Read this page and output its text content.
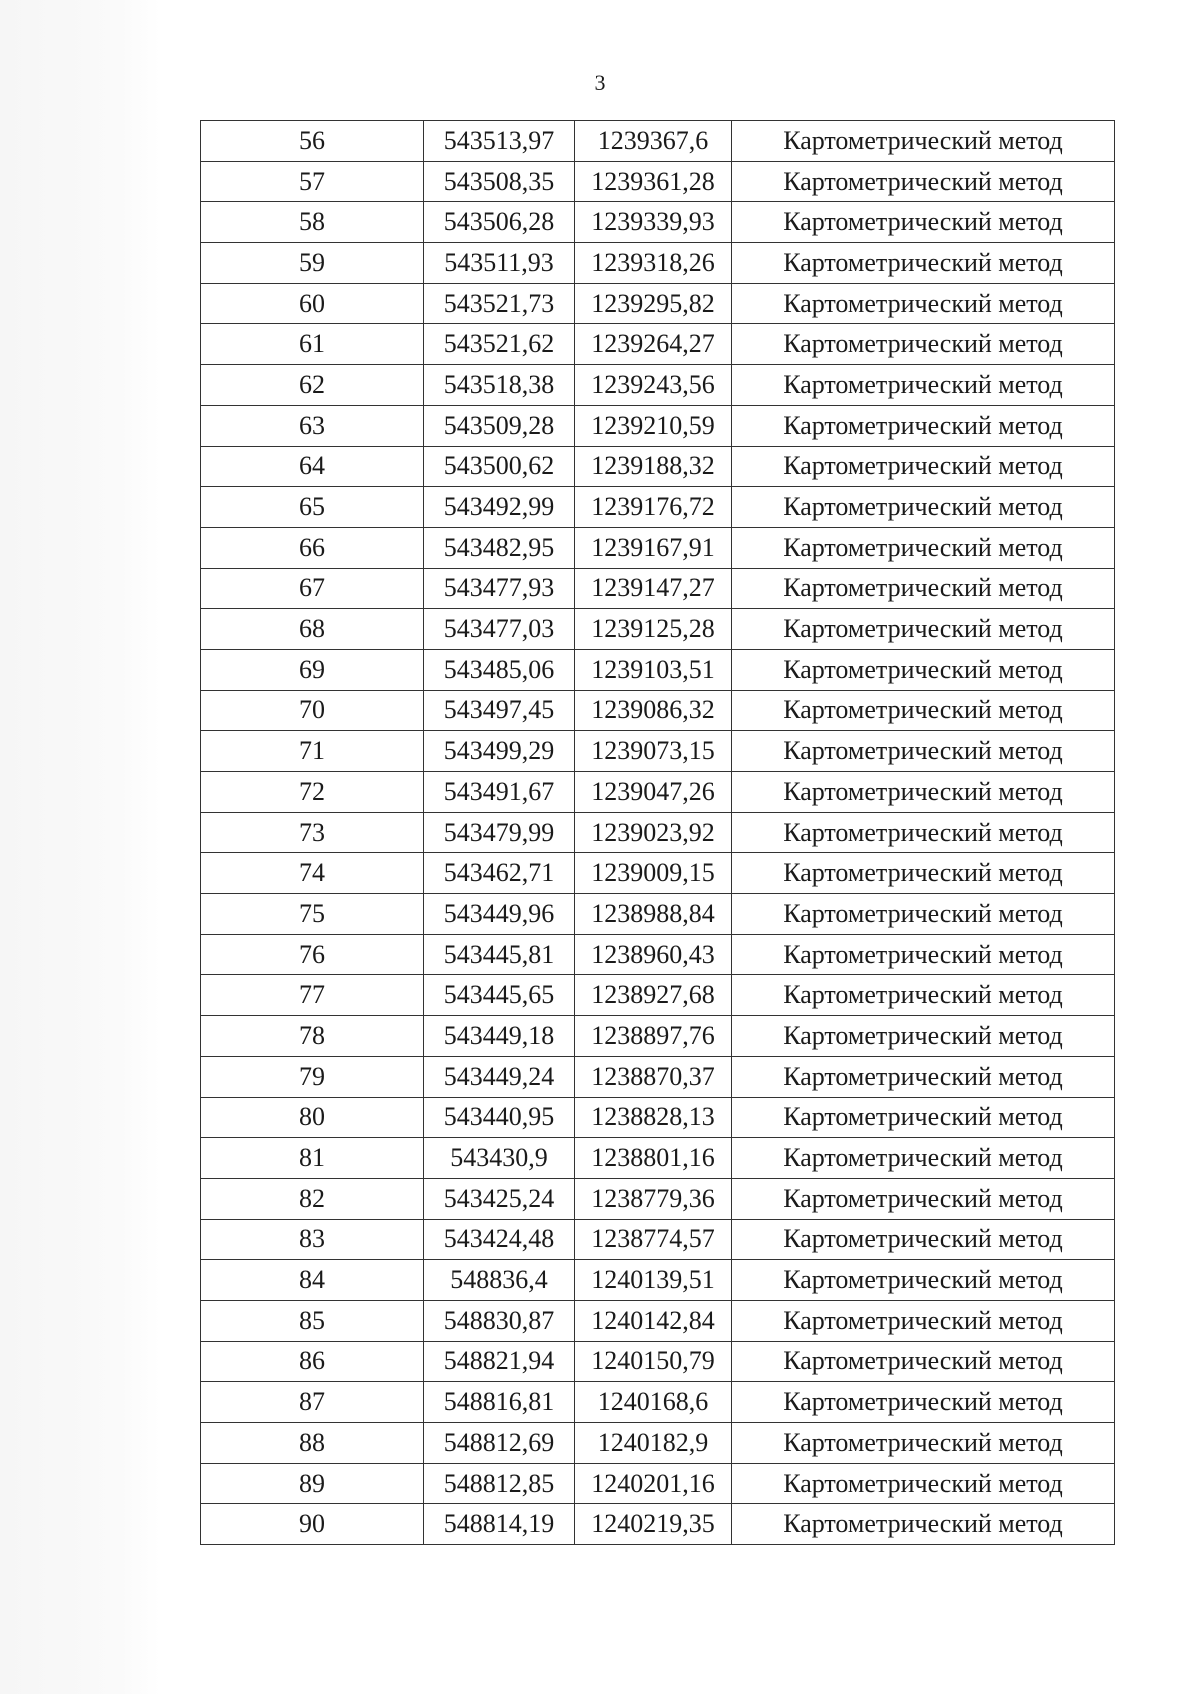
3
56	543513,97	1239367,6	Картометрический метод
57	543508,35	1239361,28	Картометрический метод
58	543506,28	1239339,93	Картометрический метод
59	543511,93	1239318,26	Картометрический метод
60	543521,73	1239295,82	Картометрический метод
61	543521,62	1239264,27	Картометрический метод
62	543518,38	1239243,56	Картометрический метод
63	543509,28	1239210,59	Картометрический метод
64	543500,62	1239188,32	Картометрический метод
65	543492,99	1239176,72	Картометрический метод
66	543482,95	1239167,91	Картометрический метод
67	543477,93	1239147,27	Картометрический метод
68	543477,03	1239125,28	Картометрический метод
69	543485,06	1239103,51	Картометрический метод
70	543497,45	1239086,32	Картометрический метод
71	543499,29	1239073,15	Картометрический метод
72	543491,67	1239047,26	Картометрический метод
73	543479,99	1239023,92	Картометрический метод
74	543462,71	1239009,15	Картометрический метод
75	543449,96	1238988,84	Картометрический метод
76	543445,81	1238960,43	Картометрический метод
77	543445,65	1238927,68	Картометрический метод
78	543449,18	1238897,76	Картометрический метод
79	543449,24	1238870,37	Картометрический метод
80	543440,95	1238828,13	Картометрический метод
81	543430,9	1238801,16	Картометрический метод
82	543425,24	1238779,36	Картометрический метод
83	543424,48	1238774,57	Картометрический метод
84	548836,4	1240139,51	Картометрический метод
85	548830,87	1240142,84	Картометрический метод
86	548821,94	1240150,79	Картометрический метод
87	548816,81	1240168,6	Картометрический метод
88	548812,69	1240182,9	Картометрический метод
89	548812,85	1240201,16	Картометрический метод
90	548814,19	1240219,35	Картометрический метод
